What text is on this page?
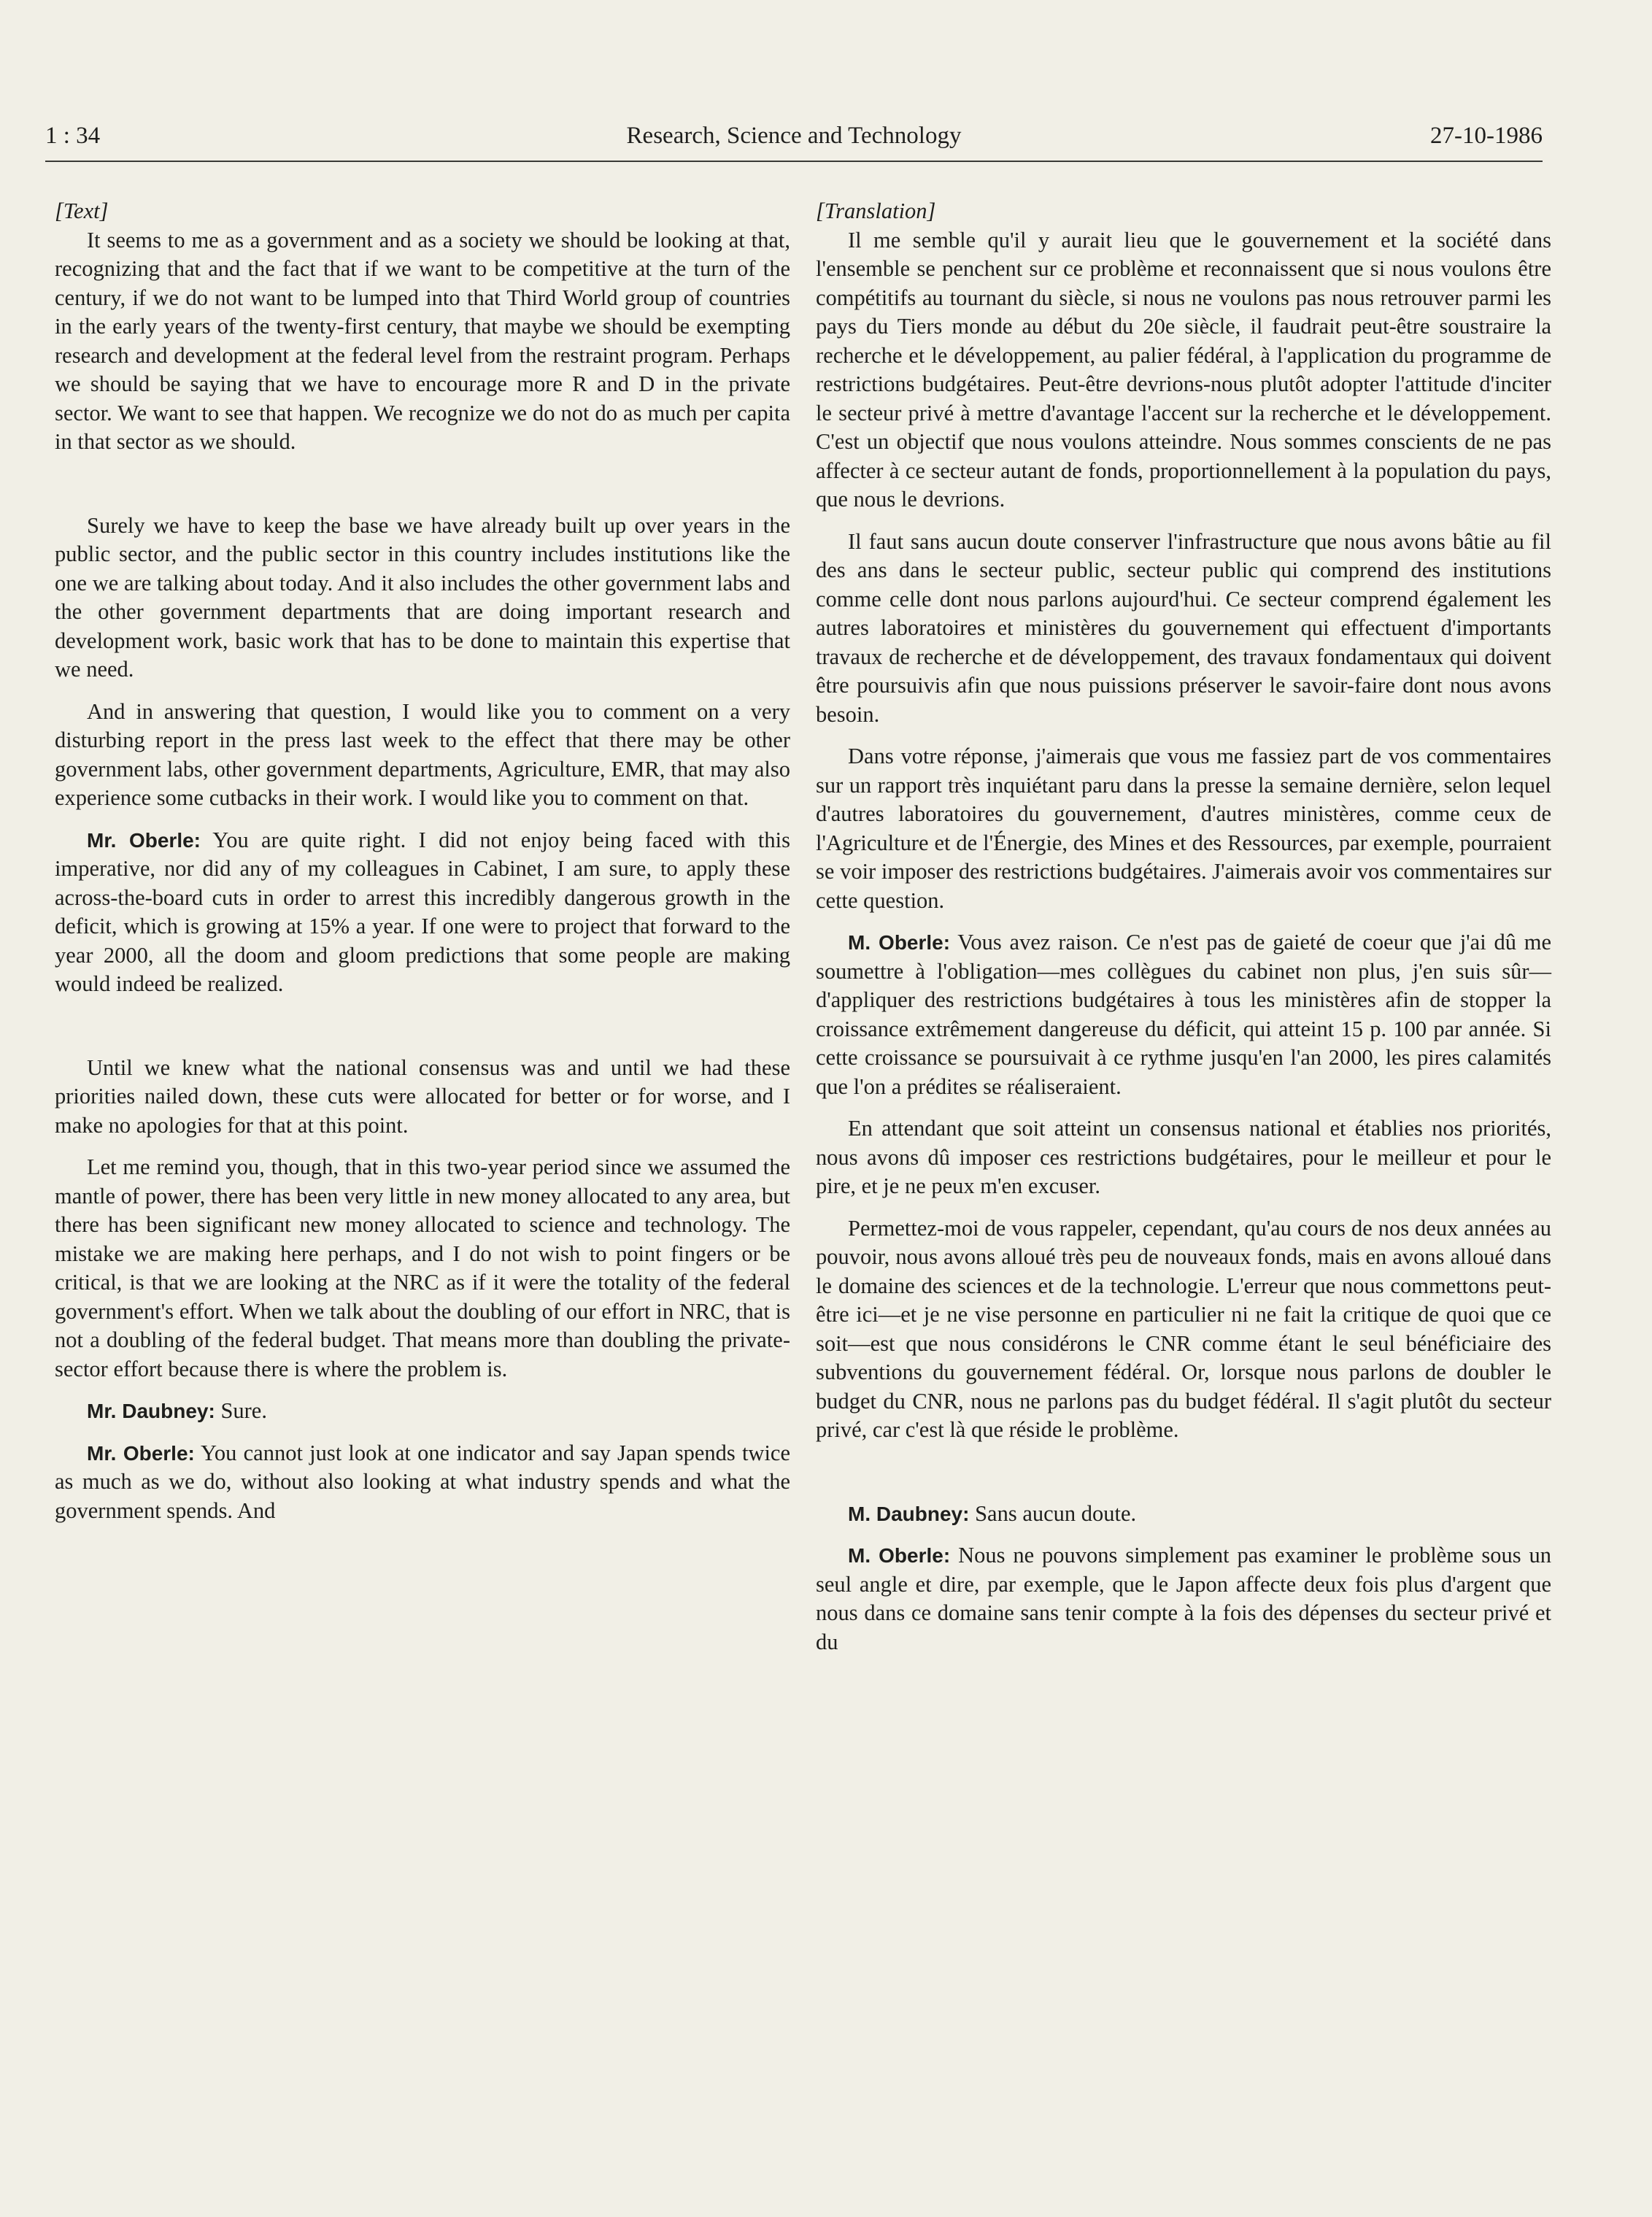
1 : 34	Research, Science and Technology	27-10-1986

[Text]

It seems to me as a government and as a society we should be looking at that, recognizing that and the fact that if we want to be competitive at the turn of the century, if we do not want to be lumped into that Third World group of countries in the early years of the twenty-first century, that maybe we should be exempting research and development at the federal level from the restraint program. Perhaps we should be saying that we have to encourage more R and D in the private sector. We want to see that happen. We recognize we do not do as much per capita in that sector as we should.

Surely we have to keep the base we have already built up over years in the public sector, and the public sector in this country includes institutions like the one we are talking about today. And it also includes the other government labs and the other government departments that are doing important research and development work, basic work that has to be done to maintain this expertise that we need.

And in answering that question, I would like you to comment on a very disturbing report in the press last week to the effect that there may be other government labs, other government departments, Agriculture, EMR, that may also experience some cutbacks in their work. I would like you to comment on that.

Mr. Oberle: You are quite right. I did not enjoy being faced with this imperative, nor did any of my colleagues in Cabinet, I am sure, to apply these across-the-board cuts in order to arrest this incredibly dangerous growth in the deficit, which is growing at 15% a year. If one were to project that forward to the year 2000, all the doom and gloom predictions that some people are making would indeed be realized.

Until we knew what the national consensus was and until we had these priorities nailed down, these cuts were allocated for better or for worse, and I make no apologies for that at this point.

Let me remind you, though, that in this two-year period since we assumed the mantle of power, there has been very little in new money allocated to any area, but there has been significant new money allocated to science and technology. The mistake we are making here perhaps, and I do not wish to point fingers or be critical, is that we are looking at the NRC as if it were the totality of the federal government's effort. When we talk about the doubling of our effort in NRC, that is not a doubling of the federal budget. That means more than doubling the private-sector effort because there is where the problem is.

Mr. Daubney: Sure.

Mr. Oberle: You cannot just look at one indicator and say Japan spends twice as much as we do, without also looking at what industry spends and what the government spends. And

[Translation]

Il me semble qu'il y aurait lieu que le gouvernement et la société dans l'ensemble se penchent sur ce problème et reconnaissent que si nous voulons être compétitifs au tournant du siècle, si nous ne voulons pas nous retrouver parmi les pays du Tiers monde au début du 20e siècle, il faudrait peut-être soustraire la recherche et le développement, au palier fédéral, à l'application du programme de restrictions budgétaires. Peut-être devrions-nous plutôt adopter l'attitude d'inciter le secteur privé à mettre d'avantage l'accent sur la recherche et le développement. C'est un objectif que nous voulons atteindre. Nous sommes conscients de ne pas affecter à ce secteur autant de fonds, proportionnellement à la population du pays, que nous le devrions.

Il faut sans aucun doute conserver l'infrastructure que nous avons bâtie au fil des ans dans le secteur public, secteur public qui comprend des institutions comme celle dont nous parlons aujourd'hui. Ce secteur comprend également les autres laboratoires et ministères du gouvernement qui effectuent d'importants travaux de recherche et de développement, des travaux fondamentaux qui doivent être poursuivis afin que nous puissions préserver le savoir-faire dont nous avons besoin.

Dans votre réponse, j'aimerais que vous me fassiez part de vos commentaires sur un rapport très inquiétant paru dans la presse la semaine dernière, selon lequel d'autres laboratoires du gouvernement, d'autres ministères, comme ceux de l'Agriculture et de l'Énergie, des Mines et des Ressources, par exemple, pourraient se voir imposer des restrictions budgétaires. J'aimerais avoir vos commentaires sur cette question.

M. Oberle: Vous avez raison. Ce n'est pas de gaieté de coeur que j'ai dû me soumettre à l'obligation—mes collègues du cabinet non plus, j'en suis sûr—d'appliquer des restrictions budgétaires à tous les ministères afin de stopper la croissance extrêmement dangereuse du déficit, qui atteint 15 p. 100 par année. Si cette croissance se poursuivait à ce rythme jusqu'en l'an 2000, les pires calamités que l'on a prédites se réaliseraient.

En attendant que soit atteint un consensus national et établies nos priorités, nous avons dû imposer ces restrictions budgétaires, pour le meilleur et pour le pire, et je ne peux m'en excuser.

Permettez-moi de vous rappeler, cependant, qu'au cours de nos deux années au pouvoir, nous avons alloué très peu de nouveaux fonds, mais en avons alloué dans le domaine des sciences et de la technologie. L'erreur que nous commettons peut-être ici—et je ne vise personne en particulier ni ne fait la critique de quoi que ce soit—est que nous considérons le CNR comme étant le seul bénéficiaire des subventions du gouvernement fédéral. Or, lorsque nous parlons de doubler le budget du CNR, nous ne parlons pas du budget fédéral. Il s'agit plutôt du secteur privé, car c'est là que réside le problème.

M. Daubney: Sans aucun doute.

M. Oberle: Nous ne pouvons simplement pas examiner le problème sous un seul angle et dire, par exemple, que le Japon affecte deux fois plus d'argent que nous dans ce domaine sans tenir compte à la fois des dépenses du secteur privé et du
